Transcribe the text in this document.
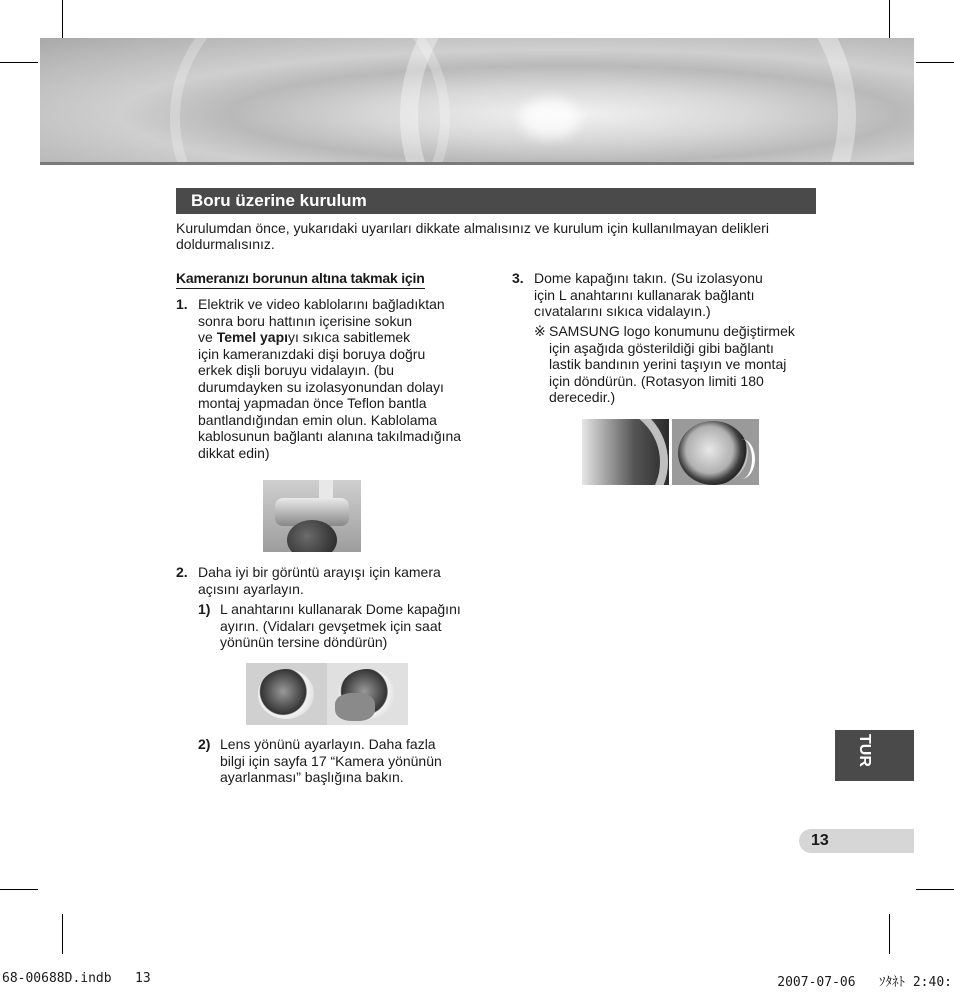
Boru üzerine kurulum
Kurulumdan önce, yukarıdaki uyarıları dikkate almalısınız ve kurulum için kullanılmayan delikleri doldurmalısınız.
Kameranızı borunun altına takmak için
1. Elektrik ve video kablolarını bağladıktan
sonra boru hattının içerisine sokun
ve Temel yapıyı sıkıca sabitlemek
için kameranızdaki dişi boruya doğru
erkek dişli boruyu vidalayın. (bu
durumdayken su izolasyonundan dolayı
montaj yapmadan önce Teflon bantla
bantlandığından emin olun. Kablolama
kablosunun bağlantı alanına takılmadığına
dikkat edin)
2. Daha iyi bir görüntü arayışı için kamera
açısını ayarlayın.
1) L anahtarını kullanarak Dome kapağını
ayırın. (Vidaları gevşetmek için saat
yönünün tersine döndürün)
2) Lens yönünü ayarlayın. Daha fazla
bilgi için sayfa 17 “Kamera yönünün
ayarlanması” başlığına bakın.
3. Dome kapağını takın. (Su izolasyonu
için L anahtarını kullanarak bağlantı
cıvatalarını sıkıca vidalayın.)
※ SAMSUNG logo konumunu değiştirmek
için aşağıda gösterildiği gibi bağlantı
lastik bandının yerini taşıyın ve montaj
için döndürün. (Rotasyon limiti 180
derecedir.)
TUR
13
68-00688D.indb   13	2007-07-06   ｿﾀﾈﾄ 2:40:
